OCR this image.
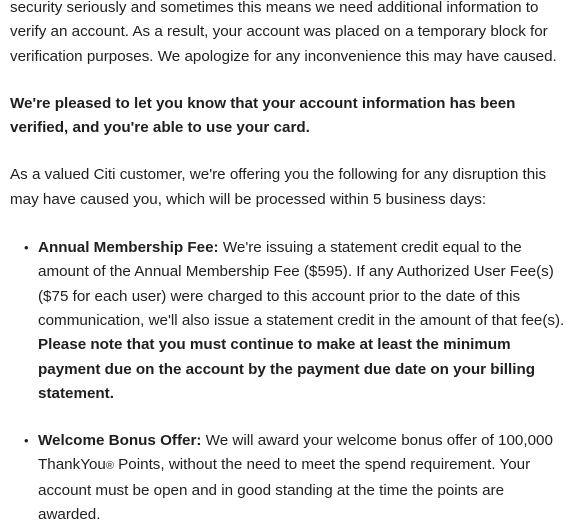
security seriously and sometimes this means we need additional information to verify an account. As a result, your account was placed on a temporary block for verification purposes. We apologize for any inconvenience this may have caused.

We're pleased to let you know that your account information has been verified, and you're able to use your card.

As a valued Citi customer, we're offering you the following for any disruption this may have caused you, which will be processed within 5 business days:

• Annual Membership Fee: We're issuing a statement credit equal to the amount of the Annual Membership Fee ($595). If any Authorized User Fee(s) ($75 for each user) were charged to this account prior to the date of this communication, we'll also issue a statement credit in the amount of that fee(s). Please note that you must continue to make at least the minimum payment due on the account by the payment due date on your billing statement.
• Welcome Bonus Offer: We will award your welcome bonus offer of 100,000 ThankYou® Points, without the need to meet the spend requirement. Your account must be open and in good standing at the time the points are awarded.
